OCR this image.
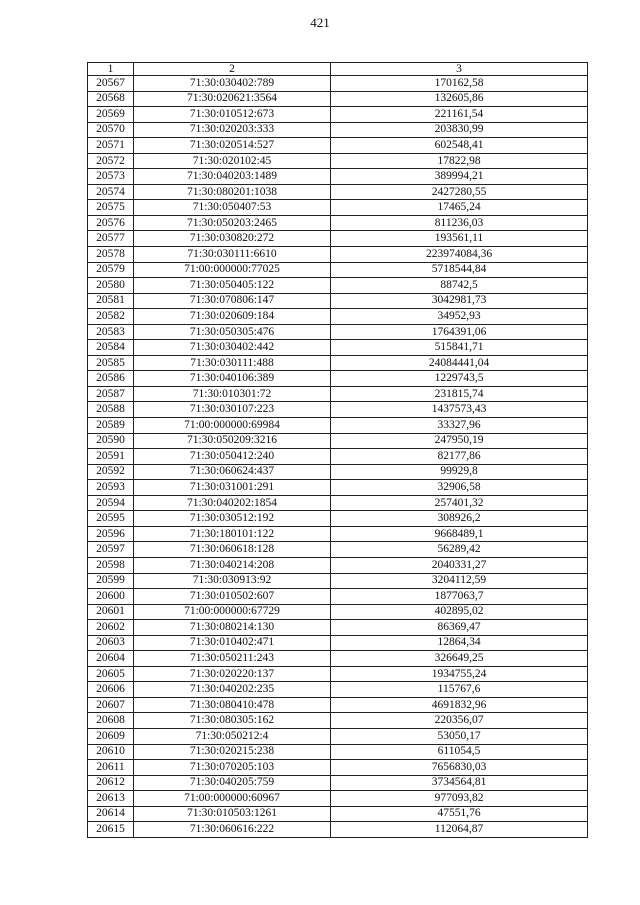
421
1	2	3
20567	71:30:030402:789	170162,58
20568	71:30:020621:3564	132605,86
20569	71:30:010512:673	221161,54
20570	71:30:020203:333	203830,99
20571	71:30:020514:527	602548,41
20572	71:30:020102:45	17822,98
20573	71:30:040203:1489	389994,21
20574	71:30:080201:1038	2427280,55
20575	71:30:050407:53	17465,24
20576	71:30:050203:2465	811236,03
20577	71:30:030820:272	193561,11
20578	71:30:030111:6610	223974084,36
20579	71:00:000000:77025	5718544,84
20580	71:30:050405:122	88742,5
20581	71:30:070806:147	3042981,73
20582	71:30:020609:184	34952,93
20583	71:30:050305:476	1764391,06
20584	71:30:030402:442	515841,71
20585	71:30:030111:488	24084441,04
20586	71:30:040106:389	1229743,5
20587	71:30:010301:72	231815,74
20588	71:30:030107:223	1437573,43
20589	71:00:000000:69984	33327,96
20590	71:30:050209:3216	247950,19
20591	71:30:050412:240	82177,86
20592	71:30:060624:437	99929,8
20593	71:30:031001:291	32906,58
20594	71:30:040202:1854	257401,32
20595	71:30:030512:192	308926,2
20596	71:30:180101:122	9668489,1
20597	71:30:060618:128	56289,42
20598	71:30:040214:208	2040331,27
20599	71:30:030913:92	3204112,59
20600	71:30:010502:607	1877063,7
20601	71:00:000000:67729	402895,02
20602	71:30:080214:130	86369,47
20603	71:30:010402:471	12864,34
20604	71:30:050211:243	326649,25
20605	71:30:020220:137	1934755,24
20606	71:30:040202:235	115767,6
20607	71:30:080410:478	4691832,96
20608	71:30:080305:162	220356,07
20609	71:30:050212:4	53050,17
20610	71:30:020215:238	611054,5
20611	71:30:070205:103	7656830,03
20612	71:30:040205:759	3734564,81
20613	71:00:000000:60967	977093,82
20614	71:30:010503:1261	47551,76
20615	71:30:060616:222	112064,87
